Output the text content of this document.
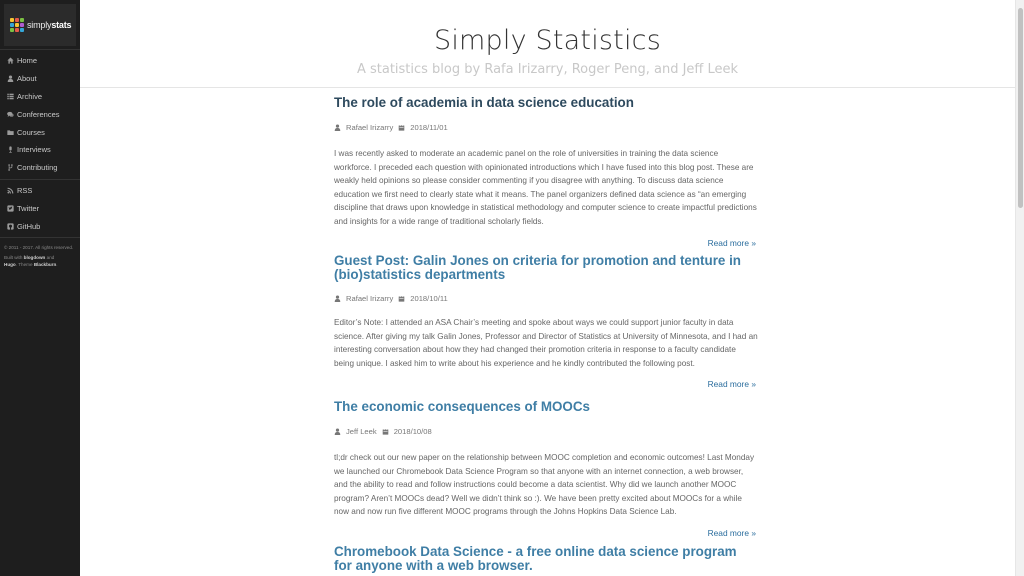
simplystats
Home
About
Archive
Conferences
Courses
Interviews
Contributing
RSS
Twitter
GitHub
© 2011 - 2017. All rights reserved.
Built with blogdown and
Hugo. Theme Blackburn.
Simply Statistics
A statistics blog by Rafa Irizarry, Roger Peng, and Jeff Leek
The role of academia in data science education
Rafael Irizarry 2018/11/01

I was recently asked to moderate an academic panel on the role of universities in training the data science workforce. I preceded each question with opinionated introductions which I have fused into this blog post. These are weakly held opinions so please consider commenting if you disagree with anything. To discuss data science education we first need to clearly state what it means. The panel organizers defined data science as “an emerging discipline that draws upon knowledge in statistical methodology and computer science to create impactful predictions and insights for a wide range of traditional scholarly fields.

Read more »
Guest Post: Galin Jones on criteria for promotion and tenture in (bio)statistics departments
Rafael Irizarry 2018/10/11

Editor’s Note: I attended an ASA Chair’s meeting and spoke about ways we could support junior faculty in data science. After giving my talk Galin Jones, Professor and Director of Statistics at University of Minnesota, and I had an interesting conversation about how they had changed their promotion criteria in response to a faculty candidate being unique. I asked him to write about his experience and he kindly contributed the following post.

Read more »
The economic consequences of MOOCs
Jeff Leek 2018/10/08

tl;dr check out our new paper on the relationship between MOOC completion and economic outcomes! Last Monday we launched our Chromebook Data Science Program so that anyone with an internet connection, a web browser, and the ability to read and follow instructions could become a data scientist. Why did we launch another MOOC program? Aren’t MOOCs dead? Well we didn’t think so :). We have been pretty excited about MOOCs for a while now and now run five different MOOC programs through the Johns Hopkins Data Science Lab.

Read more »
Chromebook Data Science - a free online data science program for anyone with a web browser.
